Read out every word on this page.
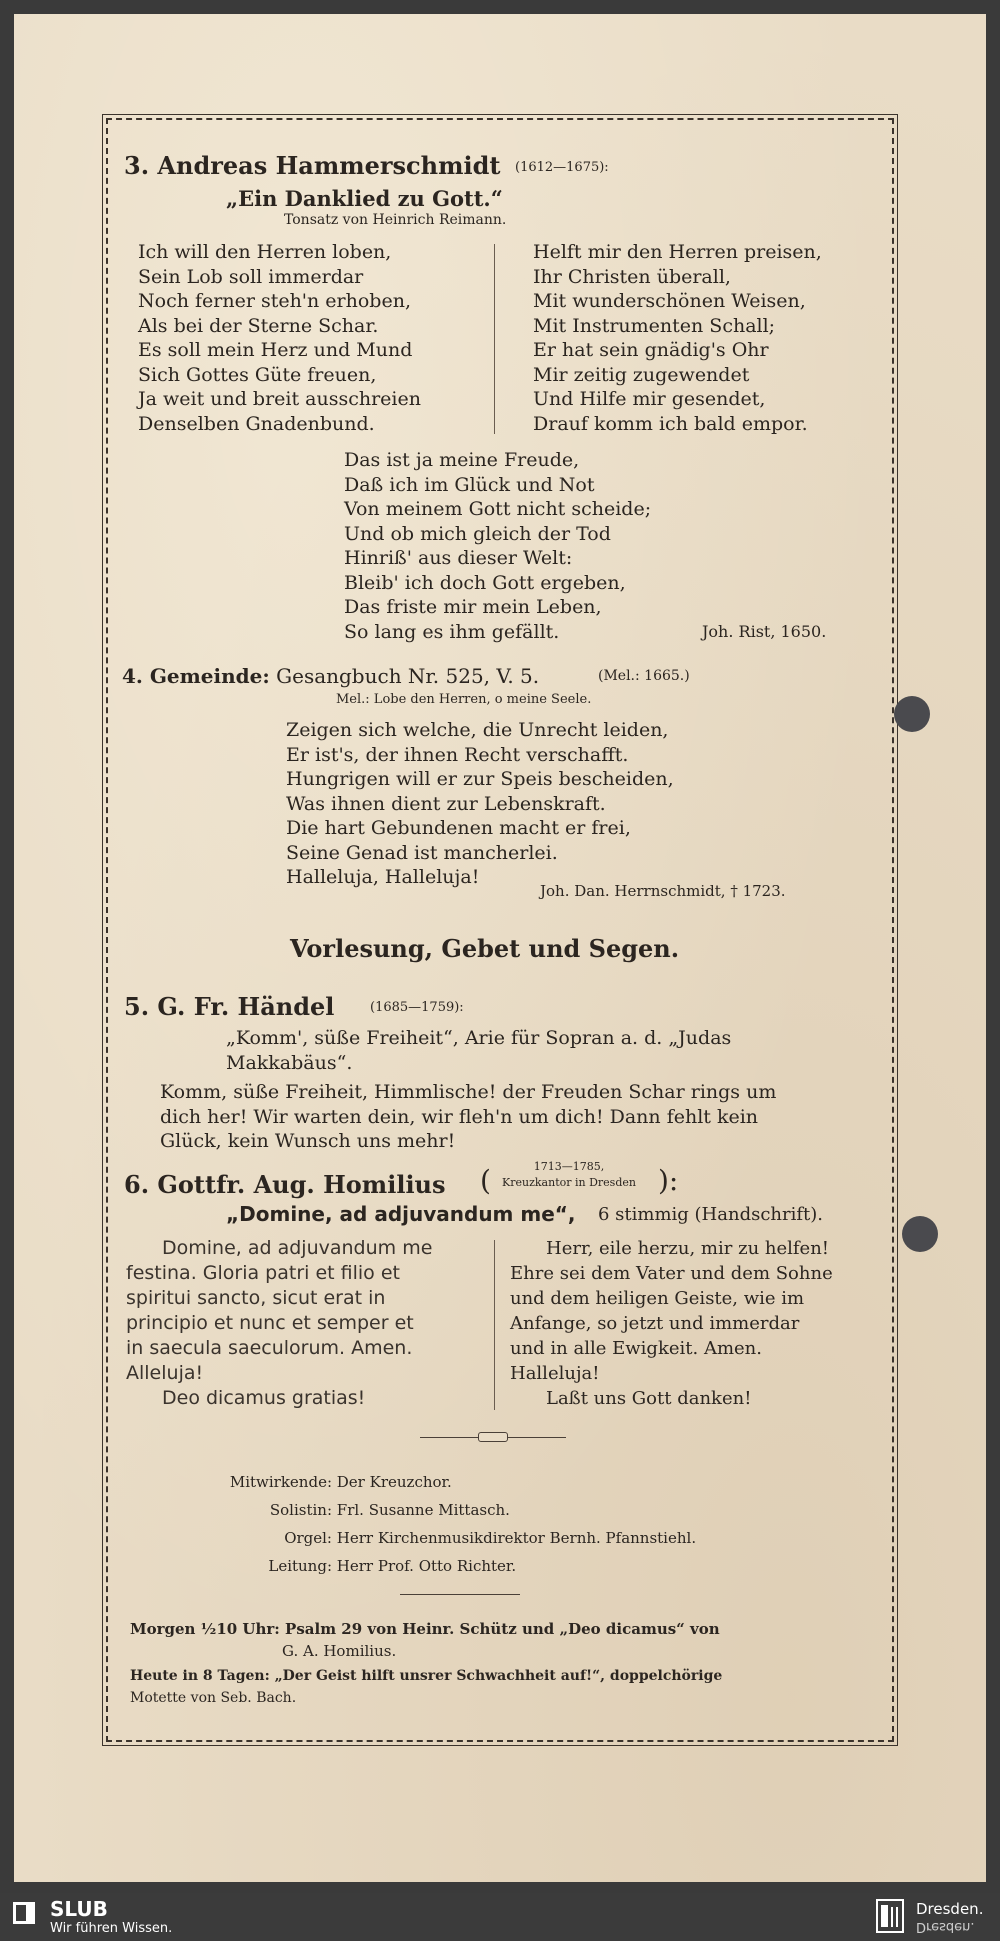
3. Andreas Hammerschmidt (1612—1675):
„Ein Danklied zu Gott.“
Tonsatz von Heinrich Reimann.
Ich will den Herren loben,
Sein Lob soll immerdar
Noch ferner steh'n erhoben,
Als bei der Sterne Schar.
Es soll mein Herz und Mund
Sich Gottes Güte freuen,
Ja weit und breit ausschreien
Denselben Gnadenbund.
Helft mir den Herren preisen,
Ihr Christen überall,
Mit wunderschönen Weisen,
Mit Instrumenten Schall;
Er hat sein gnädig's Ohr
Mir zeitig zugewendet
Und Hilfe mir gesendet,
Drauf komm ich bald empor.
Das ist ja meine Freude,
Daß ich im Glück und Not
Von meinem Gott nicht scheide;
Und ob mich gleich der Tod
Hinriß' aus dieser Welt:
Bleib' ich doch Gott ergeben,
Das friste mir mein Leben,
So lang es ihm gefällt.	Joh. Rist, 1650.
4. Gemeinde: Gesangbuch Nr. 525, V. 5.	(Mel.: 1665.)
Mel.: Lobe den Herren, o meine Seele.
Zeigen sich welche, die Unrecht leiden,
Er ist's, der ihnen Recht verschafft.
Hungrigen will er zur Speis bescheiden,
Was ihnen dient zur Lebenskraft.
Die hart Gebundenen macht er frei,
Seine Genad ist mancherlei.
Halleluja, Halleluja!
Joh. Dan. Herrnschmidt, † 1723.
Vorlesung, Gebet und Segen.
5. G. Fr. Händel	(1685—1759):
„Komm', süße Freiheit“, Arie für Sopran a. d. „Judas
Makkabäus“.
Komm, süße Freiheit, Himmlische! der Freuden Schar rings um
dich her! Wir warten dein, wir fleh'n um dich! Dann fehlt kein
Glück, kein Wunsch uns mehr!
6. Gottfr. Aug. Homilius (	1713—1785,
Kreuzkantor in Dresden ):
„Domine, ad adjuvandum me“, 6 stimmig (Handschrift).
Domine, ad adjuvandum me
festina. Gloria patri et filio et
spiritui sancto, sicut erat in
principio et nunc et semper et
in saecula saeculorum. Amen.
Alleluja!
Deo dicamus gratias!
Herr, eile herzu, mir zu helfen!
Ehre sei dem Vater und dem Sohne
und dem heiligen Geiste, wie im
Anfange, so jetzt und immerdar
und in alle Ewigkeit. Amen.
Halleluja!
Laßt uns Gott danken!
Mitwirkende: Der Kreuzchor.
Solistin: Frl. Susanne Mittasch.
Orgel: Herr Kirchenmusikdirektor Bernh. Pfannstiehl.
Leitung: Herr Prof. Otto Richter.
Morgen ½10 Uhr: Psalm 29 von Heinr. Schütz und „Deo dicamus“ von
G. A. Homilius.
Heute in 8 Tagen: „Der Geist hilft unsrer Schwachheit auf!“, doppelchörige
Motette von Seb. Bach.
SLUB
Wir führen Wissen.
Dresden.
Dresden.
